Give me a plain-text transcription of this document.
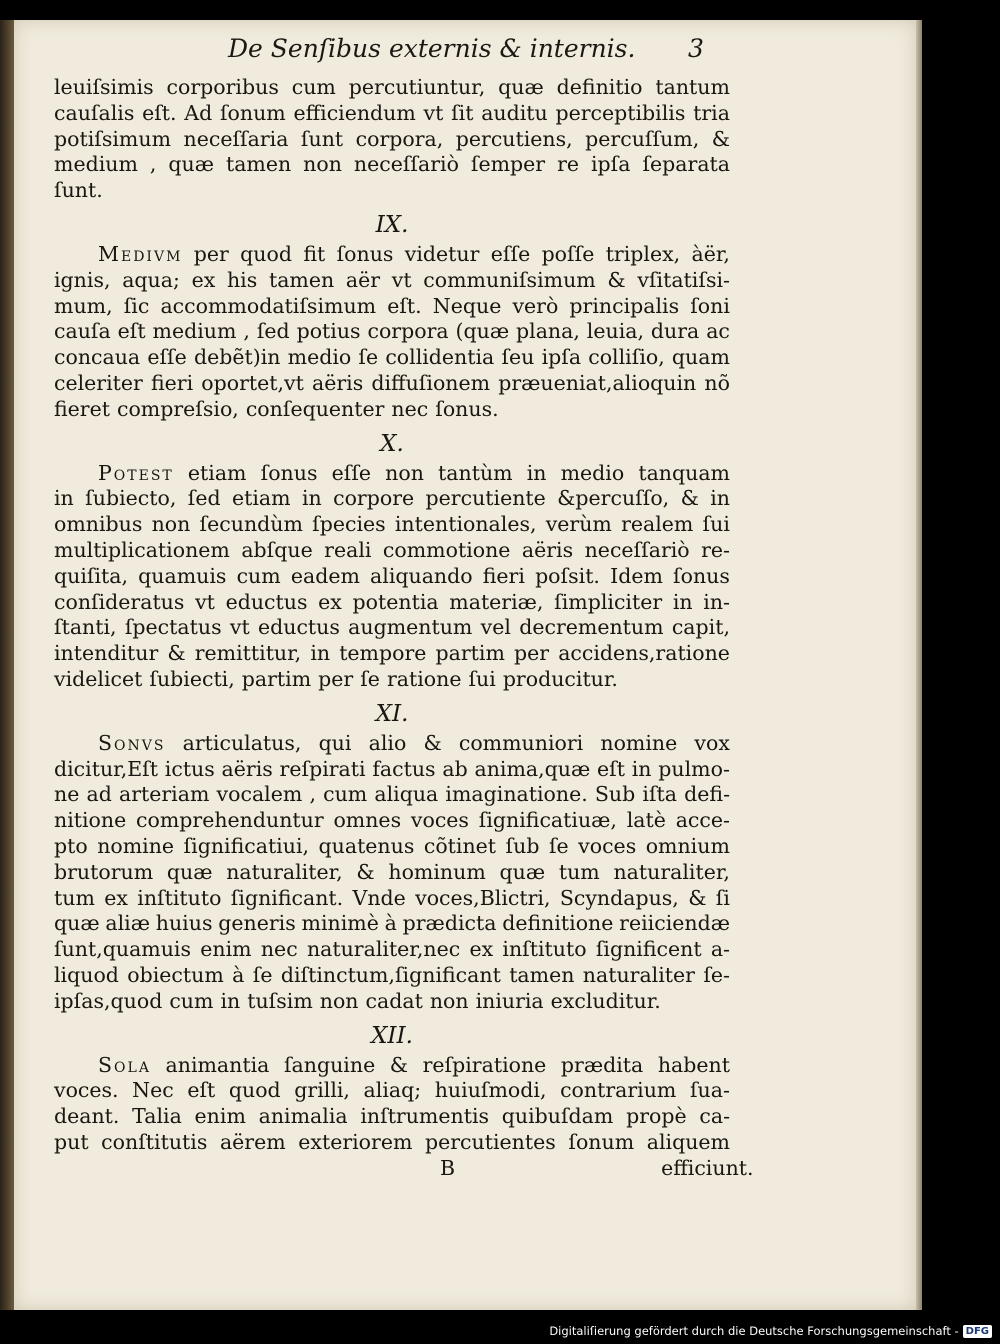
De Senſibus externis & internis. 3
leuiſsimis corporibus cum percutiuntur, quæ definitio tantum
cauſalis eſt. Ad ſonum efficiendum vt ſit auditu perceptibilis tria
potiſsimum neceſſaria ſunt corpora, percutiens, percuſſum, &
medium , quæ tamen non neceſſariò ſemper re ipſa ſeparata
ſunt.
IX.
Medivm per quod fit ſonus videtur eſſe poſſe triplex, àër,
ignis, aqua; ex his tamen aër vt communiſsimum & vſitatiſsi-
mum, ſic accommodatiſsimum eſt. Neque verò principalis ſoni
cauſa eſt medium , ſed potius corpora (quæ plana, leuia, dura ac
concaua eſſe debẽt)in medio ſe collidentia ſeu ipſa colliſio, quam
celeriter fieri oportet,vt aëris diffuſionem præueniat,alioquin nõ
fieret compreſsio, conſequenter nec ſonus.
X.
Potest etiam ſonus eſſe non tantùm in medio tanquam
in ſubiecto, ſed etiam in corpore percutiente &percuſſo, & in
omnibus non ſecundùm ſpecies intentionales, verùm realem ſui
multiplicationem abſque reali commotione aëris neceſſariò re-
quiſita, quamuis cum eadem aliquando fieri poſsit. Idem ſonus
conſideratus vt eductus ex potentia materiæ, ſimpliciter in in-
ſtanti, ſpectatus vt eductus augmentum vel decrementum capit,
intenditur & remittitur, in tempore partim per accidens,ratione
videlicet ſubiecti, partim per ſe ratione ſui producitur.
XI.
Sonvs articulatus, qui alio & communiori nomine vox
dicitur,Eſt ictus aëris reſpirati factus ab anima,quæ eſt in pulmo-
ne ad arteriam vocalem , cum aliqua imaginatione. Sub iſta defi-
nitione comprehenduntur omnes voces ſignificatiuæ, latè acce-
pto nomine ſignificatiui, quatenus cõtinet ſub ſe voces omnium
brutorum quæ naturaliter, & hominum quæ tum naturaliter,
tum ex inſtituto ſignificant. Vnde voces,Blictri, Scyndapus, & ſi
quæ aliæ huius generis minimè à prædicta definitione reiiciendæ
ſunt,quamuis enim nec naturaliter,nec ex inſtituto ſignificent a-
liquod obiectum à ſe diſtinctum,ſignificant tamen naturaliter ſe-
ipſas,quod cum in tuſsim non cadat non iniuria excluditur.
XII.
Sola animantia ſanguine & reſpiratione prædita habent
voces. Nec eſt quod grilli, aliaq; huiuſmodi, contrarium ſua-
deant. Talia enim animalia inſtrumentis quibuſdam propè ca-
put conſtitutis aërem exteriorem percutientes ſonum aliquem
B	efficiunt.
Digitaliſierung gefördert durch die Deutsche Forschungsgemeinschaft - DFG
